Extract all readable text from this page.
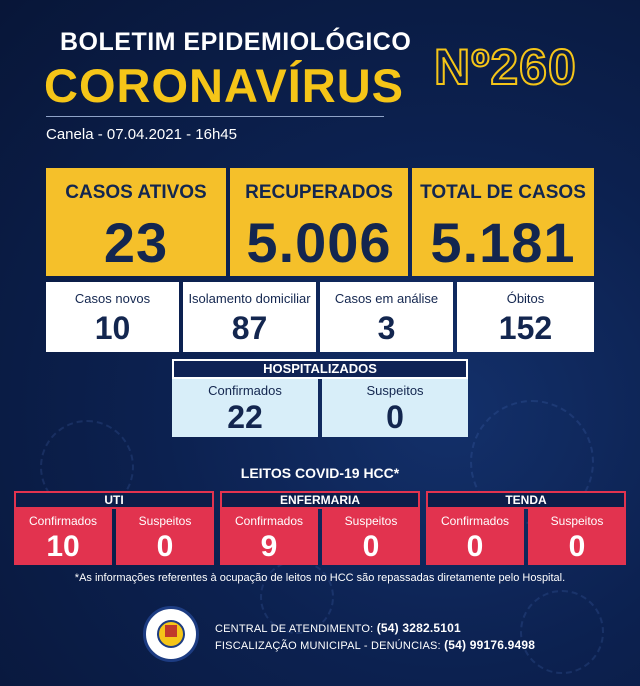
BOLETIM EPIDEMIOLÓGICO
CORONAVÍRUS
Canela - 07.04.2021 - 16h45
Nº260
CASOS ATIVOS
23
RECUPERADOS
5.006
TOTAL DE CASOS
5.181
Casos novos
10
Isolamento domiciliar
87
Casos em análise
3
Óbitos
152
HOSPITALIZADOS
Confirmados
22
Suspeitos
0
LEITOS COVID-19 HCC*
UTI
Confirmados
10
Suspeitos
0
ENFERMARIA
Confirmados
9
Suspeitos
0
TENDA
Confirmados
0
Suspeitos
0
*As informações referentes à ocupação de leitos no HCC são repassadas diretamente pelo Hospital.
CENTRAL DE ATENDIMENTO: (54) 3282.5101
FISCALIZAÇÃO MUNICIPAL - DENÚNCIAS: (54) 99176.9498
